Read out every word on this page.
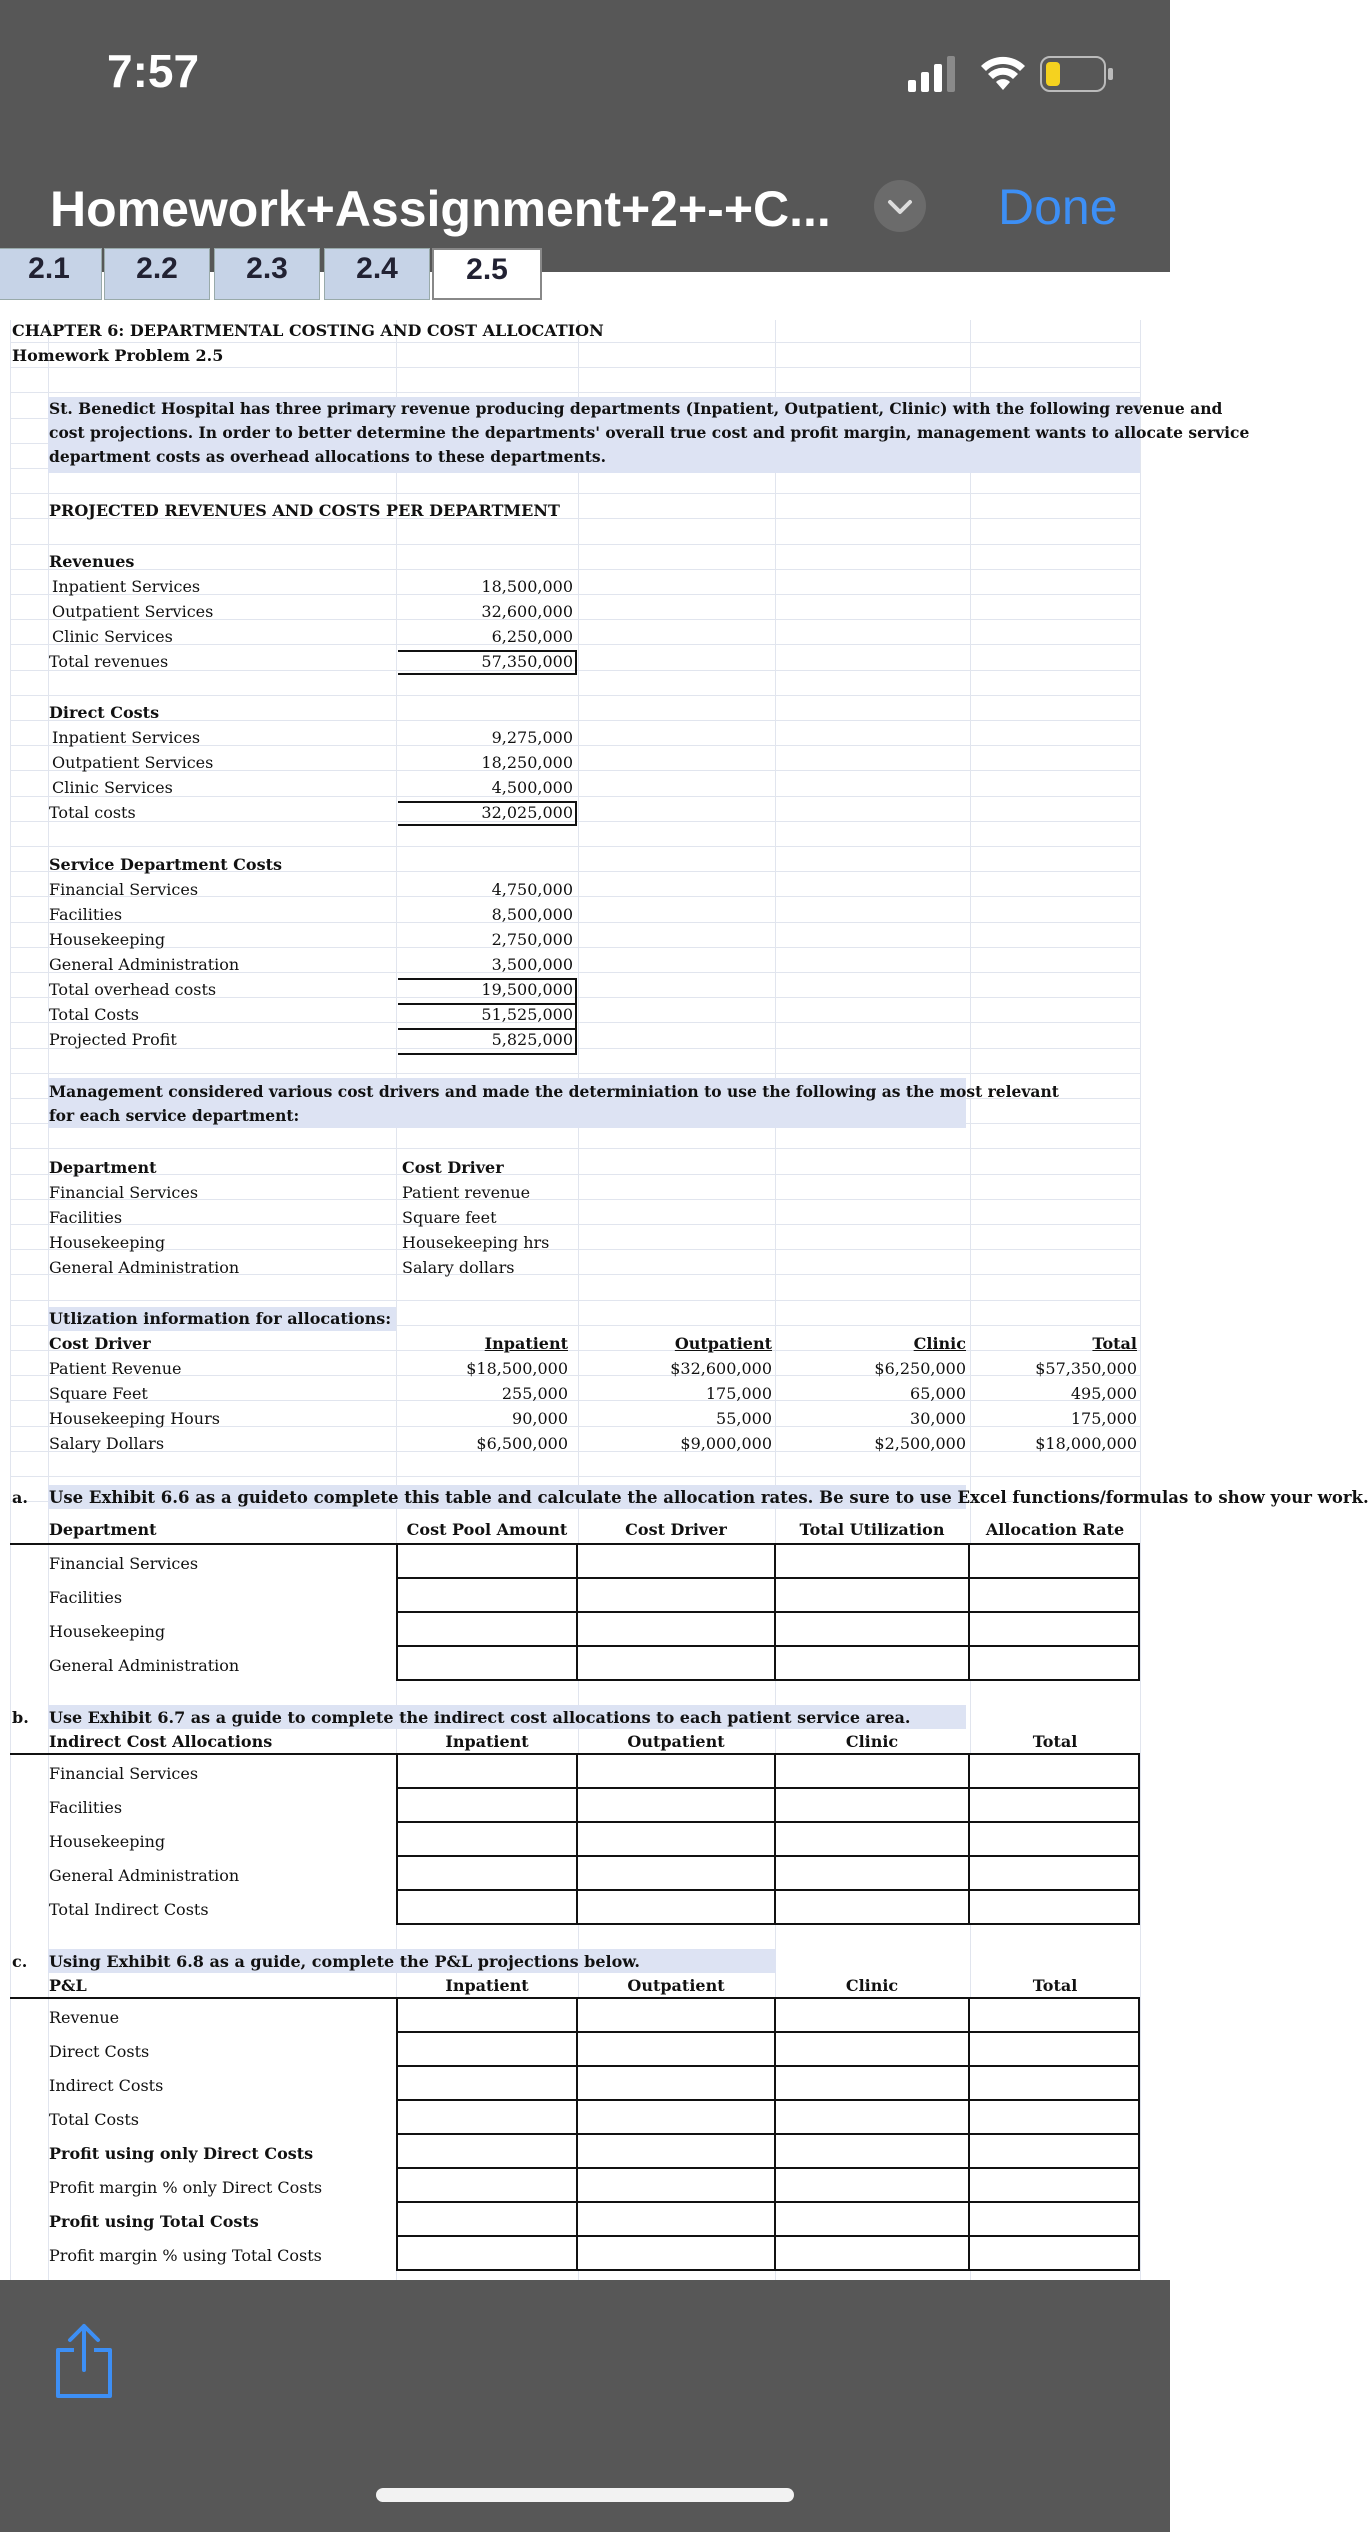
7:57
Homework+Assignment+2+-+C...	Done
2.1	2.2	2.3	2.4	2.5
CHAPTER 6: DEPARTMENTAL COSTING AND COST ALLOCATION
Homework Problem 2.5
St. Benedict Hospital has three primary revenue producing departments (Inpatient, Outpatient, Clinic) with the following revenue and
cost projections. In order to better determine the departments' overall true cost and profit margin, management wants to allocate service
department costs as overhead allocations to these departments.
PROJECTED REVENUES AND COSTS PER DEPARTMENT
Revenues
Inpatient Services	18,500,000
Outpatient Services	32,600,000
Clinic Services	6,250,000
Total revenues	57,350,000
Direct Costs
Inpatient Services	9,275,000
Outpatient Services	18,250,000
Clinic Services	4,500,000
Total costs	32,025,000
Service Department Costs
Financial Services	4,750,000
Facilities	8,500,000
Housekeeping	2,750,000
General Administration	3,500,000
Total overhead costs	19,500,000
Total Costs	51,525,000
Projected Profit	5,825,000
Management considered various cost drivers and made the determiniation to use the following as the most relevant
for each service department:
Department	Cost Driver
Financial Services	Patient revenue
Facilities	Square feet
Housekeeping	Housekeeping hrs
General Administration	Salary dollars
Utlization information for allocations:
Cost Driver	Inpatient	Outpatient	Clinic	Total
Patient Revenue	$18,500,000	$32,600,000	$6,250,000	$57,350,000
Square Feet	255,000	175,000	65,000	495,000
Housekeeping Hours	90,000	55,000	30,000	175,000
Salary Dollars	$6,500,000	$9,000,000	$2,500,000	$18,000,000
a. Use Exhibit 6.6 as a guideto complete this table and calculate the allocation rates. Be sure to use Excel functions/formulas to show your work.
Department	Cost Pool Amount	Cost Driver	Total Utilization	Allocation Rate
Financial Services
Facilities
Housekeeping
General Administration
b. Use Exhibit 6.7 as a guide to complete the indirect cost allocations to each patient service area.
Indirect Cost Allocations	Inpatient	Outpatient	Clinic	Total
Financial Services
Facilities
Housekeeping
General Administration
Total Indirect Costs
c. Using Exhibit 6.8 as a guide, complete the P&L projections below.
P&L	Inpatient	Outpatient	Clinic	Total
Revenue
Direct Costs
Indirect Costs
Total Costs
Profit using only Direct Costs
Profit margin % only Direct Costs
Profit using Total Costs
Profit margin % using Total Costs
